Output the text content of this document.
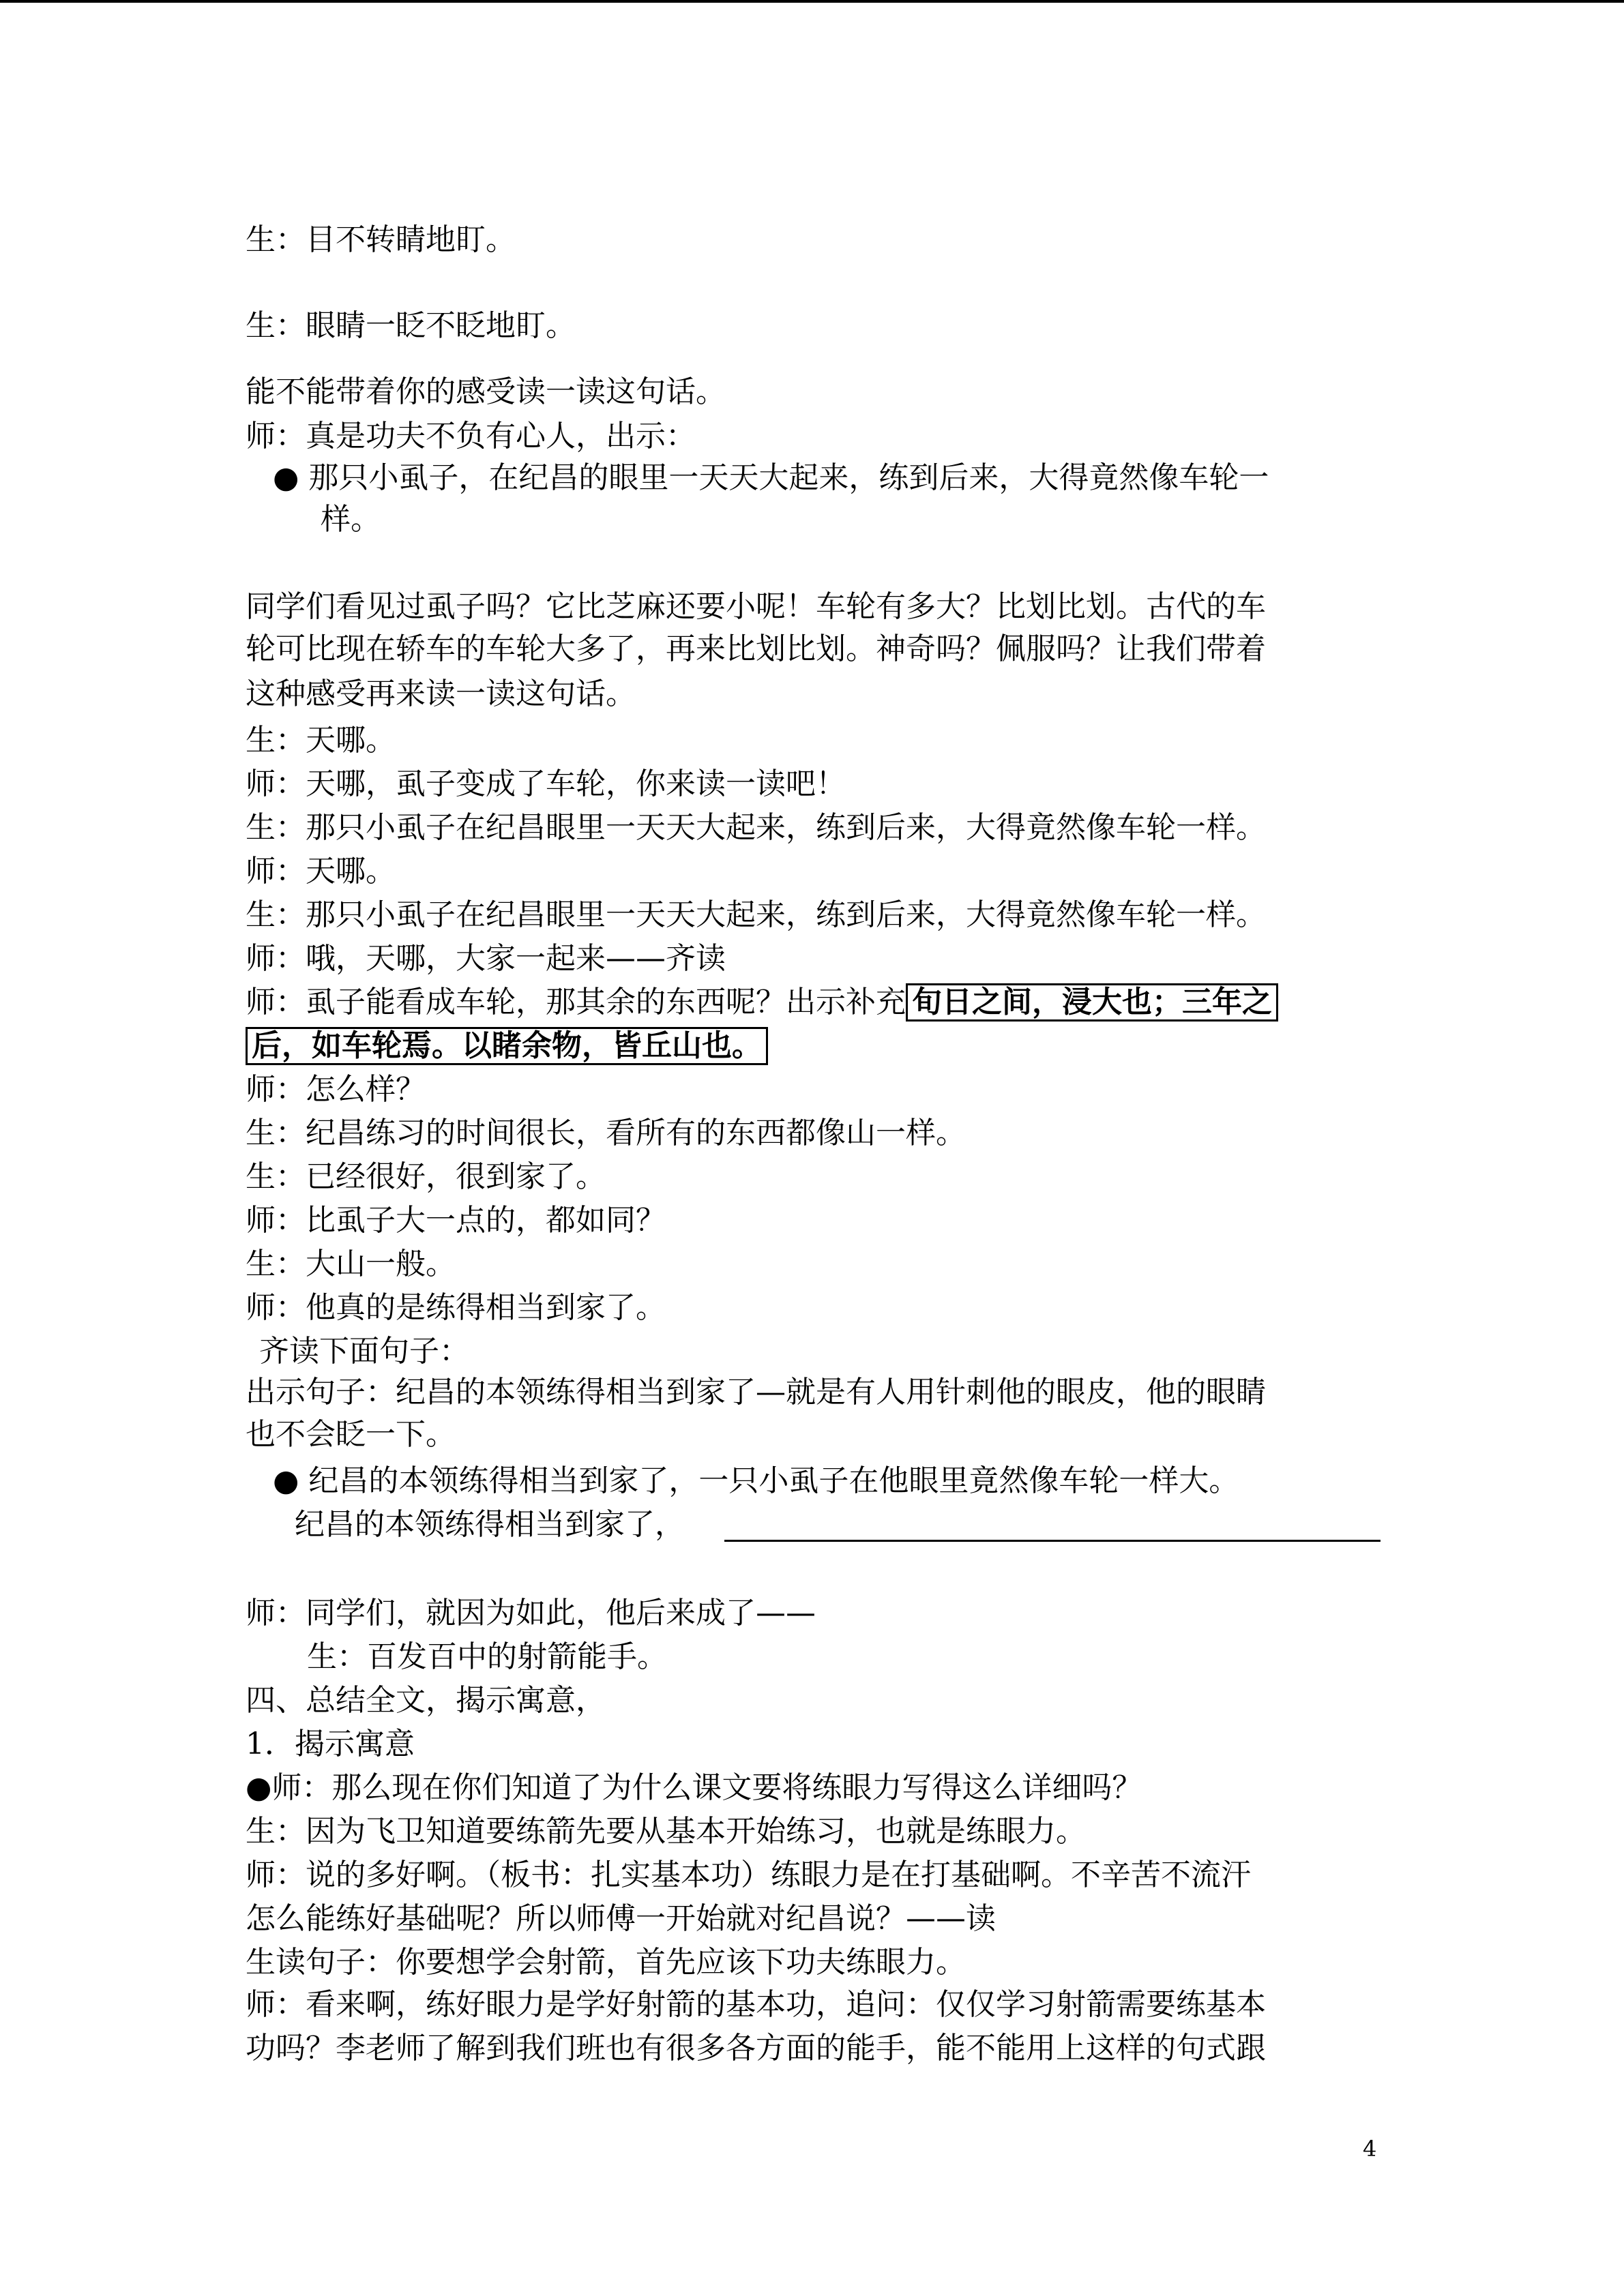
生：目不转睛地盯。
生：眼睛一眨不眨地盯。
能不能带着你的感受读一读这句话。
师：真是功夫不负有心人，出示：
● 那只小虱子，在纪昌的眼里一天天大起来，练到后来，大得竟然像车轮一
样。
同学们看见过虱子吗？它比芝麻还要小呢！车轮有多大？比划比划。古代的车
轮可比现在轿车的车轮大多了，再来比划比划。神奇吗？佩服吗？让我们带着
这种感受再来读一读这句话。
生：天哪。
师：天哪，虱子变成了车轮，你来读一读吧！
生：那只小虱子在纪昌眼里一天天大起来，练到后来，大得竟然像车轮一样。
师：天哪。
生：那只小虱子在纪昌眼里一天天大起来，练到后来，大得竟然像车轮一样。
师：哦，天哪，大家一起来——齐读
师：虱子能看成车轮，那其余的东西呢？出示补充 旬日之间，浸大也；三年之
后，如车轮焉。以睹余物，皆丘山也。
师：怎么样？
生：纪昌练习的时间很长，看所有的东西都像山一样。
生：已经很好，很到家了。
师：比虱子大一点的，都如同？
生：大山一般。
师：他真的是练得相当到家了。
齐读下面句子：
出示句子：纪昌的本领练得相当到家了—就是有人用针刺他的眼皮，他的眼睛
也不会眨一下。
● 纪昌的本领练得相当到家了，一只小虱子在他眼里竟然像车轮一样大。
纪昌的本领练得相当到家了，
师：同学们，就因为如此，他后来成了——
生：百发百中的射箭能手。
四、总结全文，揭示寓意，
1．揭示寓意
●师：那么现在你们知道了为什么课文要将练眼力写得这么详细吗？
生：因为飞卫知道要练箭先要从基本开始练习，也就是练眼力。
师：说的多好啊。（板书：扎实基本功）练眼力是在打基础啊。不辛苦不流汗
怎么能练好基础呢？所以师傅一开始就对纪昌说？——读
生读句子：你要想学会射箭，首先应该下功夫练眼力。
师：看来啊，练好眼力是学好射箭的基本功，追问：仅仅学习射箭需要练基本
功吗？李老师了解到我们班也有很多各方面的能手，能不能用上这样的句式跟
4
